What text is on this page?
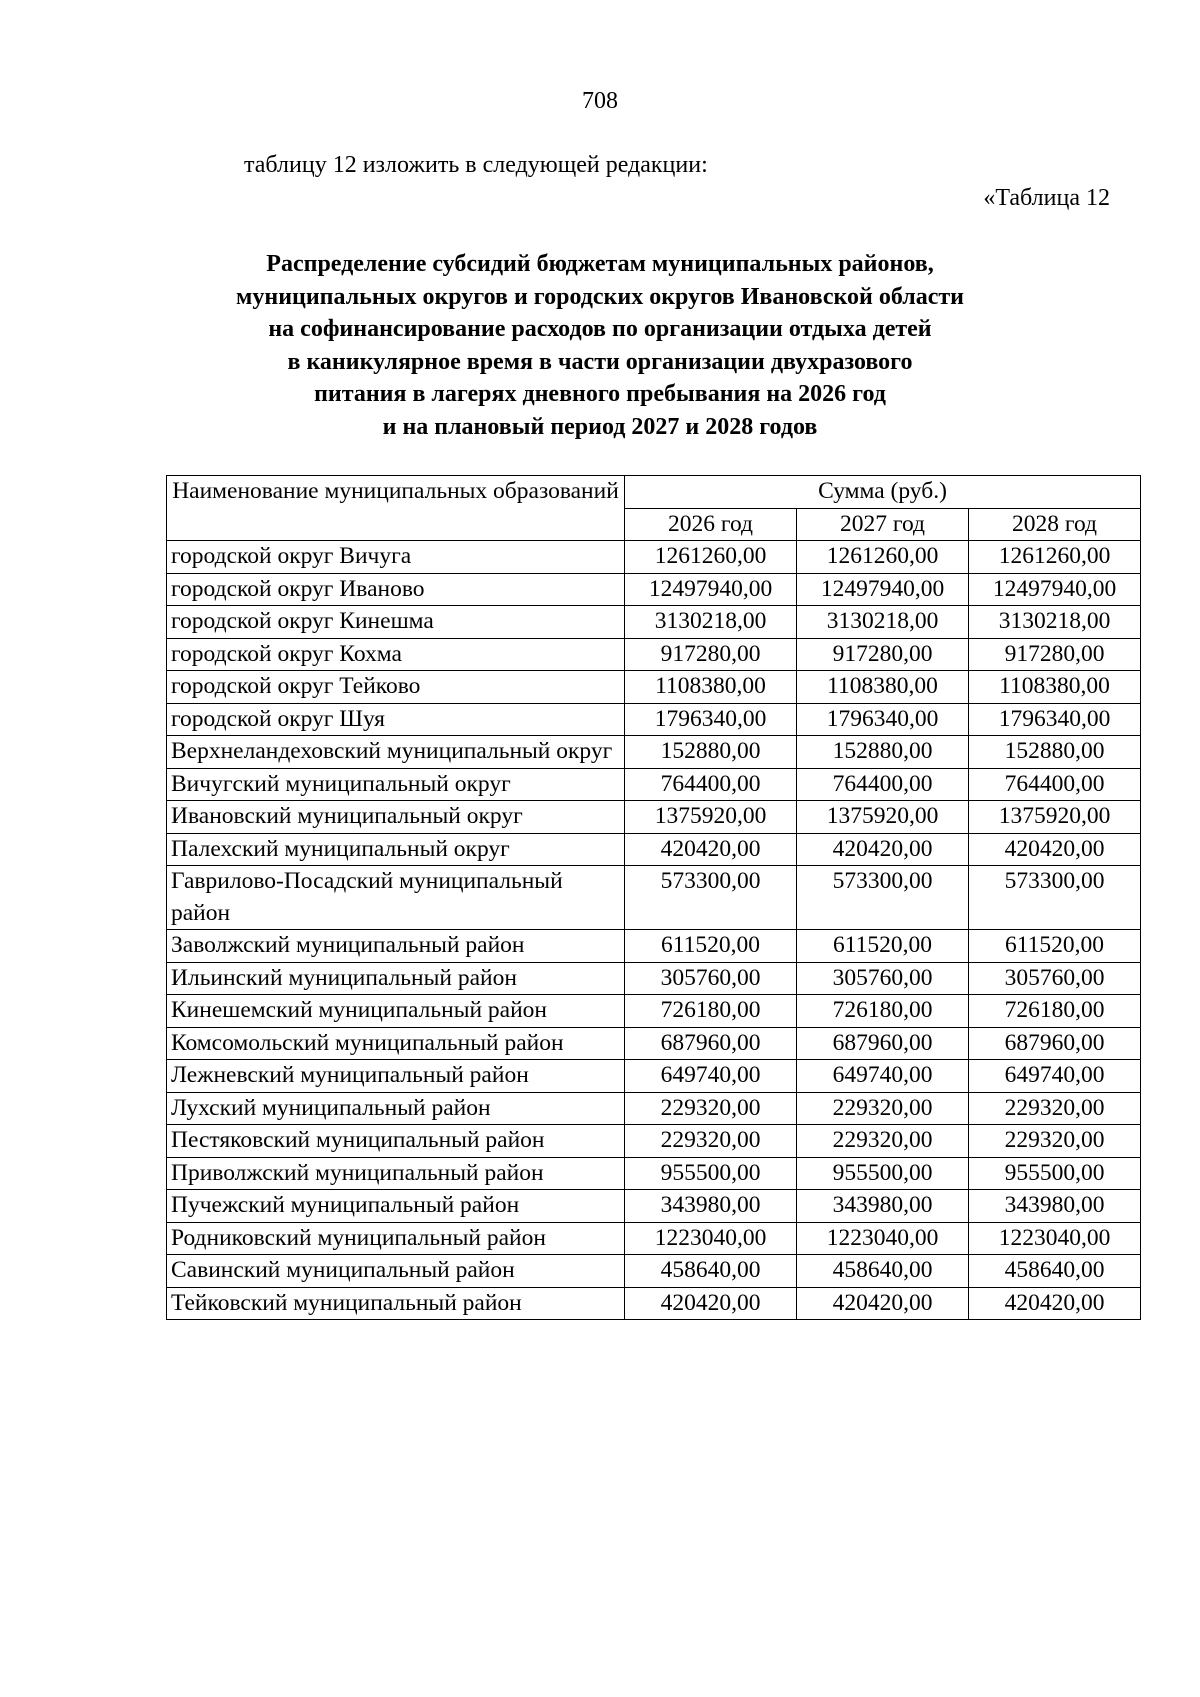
708
таблицу 12 изложить в следующей редакции:
«Таблица 12
Распределение субсидий бюджетам муниципальных районов,
муниципальных округов и городских округов Ивановской области
на софинансирование расходов по организации отдыха детей
в каникулярное время в части организации двухразового
питания в лагерях дневного пребывания на 2026 год
и на плановый период 2027 и 2028 годов
Наименование муниципальных образований	Сумма (руб.)		
	2026 год	2027 год	2028 год
городской округ Вичуга	1261260,00	1261260,00	1261260,00
городской округ Иваново	12497940,00	12497940,00	12497940,00
городской округ Кинешма	3130218,00	3130218,00	3130218,00
городской округ Кохма	917280,00	917280,00	917280,00
городской округ Тейково	1108380,00	1108380,00	1108380,00
городской округ Шуя	1796340,00	1796340,00	1796340,00
Верхнеландеховский муниципальный округ	152880,00	152880,00	152880,00
Вичугский муниципальный округ	764400,00	764400,00	764400,00
Ивановский муниципальный округ	1375920,00	1375920,00	1375920,00
Палехский муниципальный округ	420420,00	420420,00	420420,00
Гаврилово-Посадский муниципальный район	573300,00	573300,00	573300,00
Заволжский муниципальный район	611520,00	611520,00	611520,00
Ильинский муниципальный район	305760,00	305760,00	305760,00
Кинешемский муниципальный район	726180,00	726180,00	726180,00
Комсомольский муниципальный район	687960,00	687960,00	687960,00
Лежневский муниципальный район	649740,00	649740,00	649740,00
Лухский муниципальный район	229320,00	229320,00	229320,00
Пестяковский муниципальный район	229320,00	229320,00	229320,00
Приволжский муниципальный район	955500,00	955500,00	955500,00
Пучежский муниципальный район	343980,00	343980,00	343980,00
Родниковский муниципальный район	1223040,00	1223040,00	1223040,00
Савинский муниципальный район	458640,00	458640,00	458640,00
Тейковский муниципальный район	420420,00	420420,00	420420,00
